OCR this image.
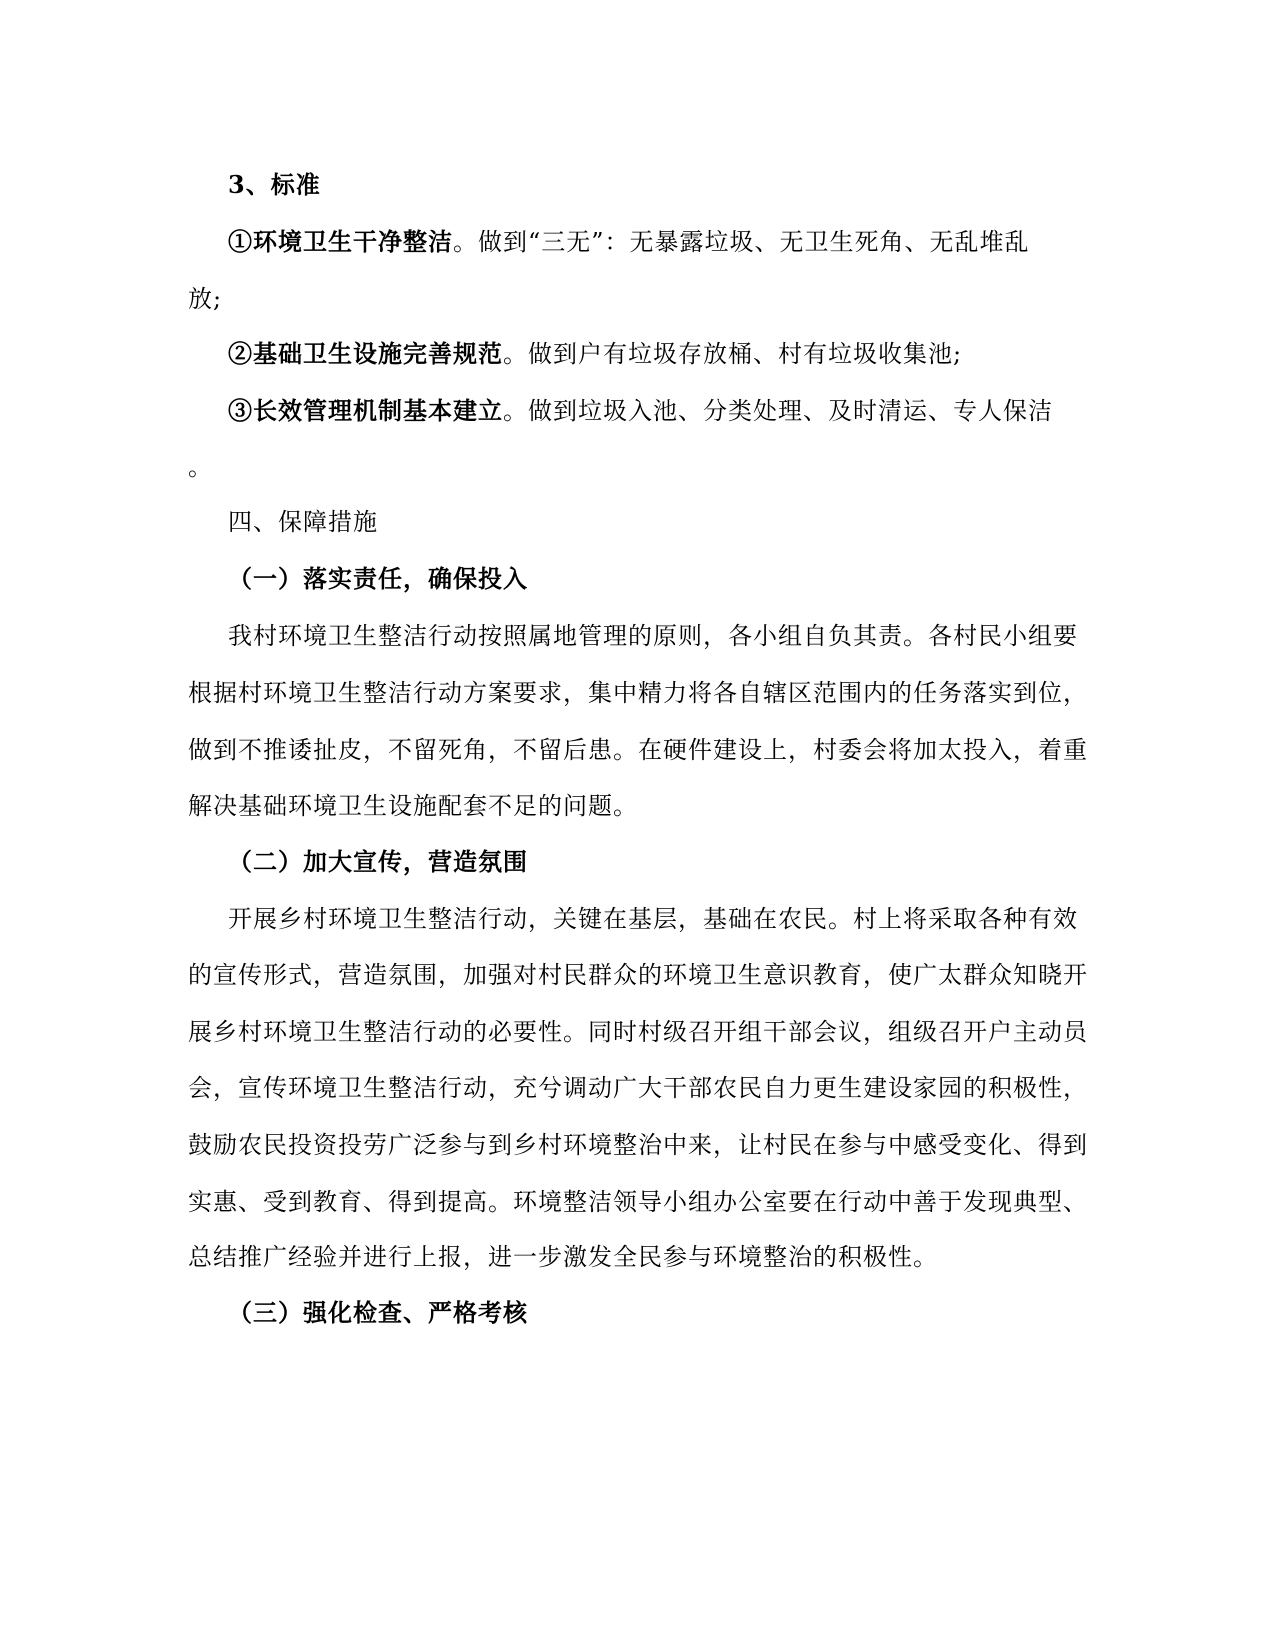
3、标准
①环境卫生干净整洁。做到“三无”：无暴露垃圾、无卫生死角、无乱堆乱
放;
②基础卫生设施完善规范。做到户有垃圾存放桶、村有垃圾收集池;
③长效管理机制基本建立。做到垃圾入池、分类处理、及时清运、专人保洁
。
四、保障措施
（一）落实责任，确保投入
我村环境卫生整洁行动按照属地管理的原则，各小组自负其责。各村民小组要
根据村环境卫生整洁行动方案要求，集中精力将各自辖区范围内的任务落实到位，
做到不推诿扯皮，不留死角，不留后患。在硬件建设上，村委会将加太投入，着重
解决基础环境卫生设施配套不足的问题。
（二）加大宣传，营造氛围
开展乡村环境卫生整洁行动，关键在基层，基础在农民。村上将采取各种有效
的宣传形式，营造氛围，加强对村民群众的环境卫生意识教育，使广太群众知晓开
展乡村环境卫生整洁行动的必要性。同时村级召开组干部会议，组级召开户主动员
会，宣传环境卫生整洁行动，充兮调动广大干部农民自力更生建设家园的积极性，
鼓励农民投资投劳广泛参与到乡村环境整治中来，让村民在参与中感受变化、得到
实惠、受到教育、得到提高。环境整洁领导小组办公室要在行动中善于发现典型、
总结推广经验并进行上报，进一步激发全民参与环境整治的积极性。
（三）强化检查、严格考核
